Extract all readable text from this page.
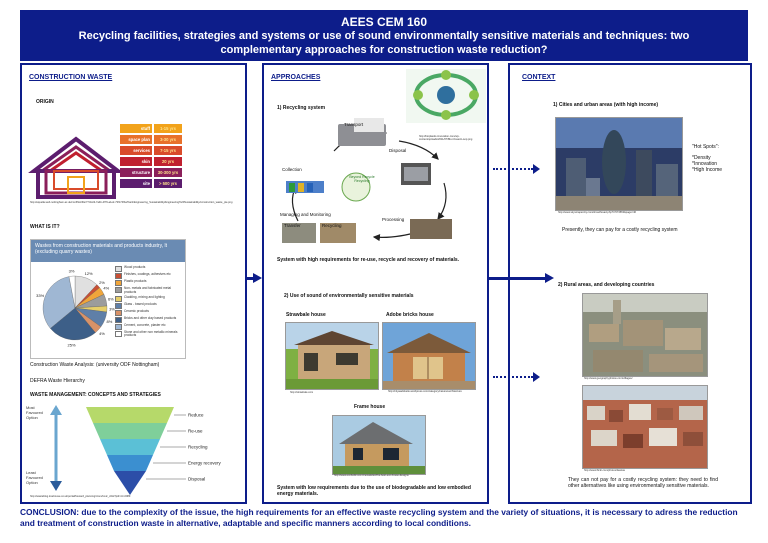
AEES CEM 160
Recycling facilities, strategies and systems or use of sound environmentally sensitive materials and techniques: two complementary approaches for construction waste reduction?
CONSTRUCTION WASTE
ORIGIN
stuff	1-15 yrs
space plan	3-30 yrs
services	7-15 yrs
skin	20 yrs
structure	30-300 yrs
site	> 500 yrs
http://equella.web.nottingham.ac.uk/conf/hist/file/77/4c2d-7a4b-4f79-a1e2-73f174fba7ba/1/Engineering_Sustainability/Engineering%20Sustainability/construction_waste_pie.png
WHAT IS IT?
Wastes from construction materials and products industry, lt (excluding quarry wastes)
12%
2%
4%
6%
3%
8%
4%
25%
33%
3%
Wood products
Finishes, coatings, adhesives etc
Plastic products
Non- metals and fabricated metal products
Cladding, mixing and lighting
Glass - based products
Ceramic products
Bricks and other clay based products
Cement, concrete, plaster etc
Stone and other non metallic minerals products
Construction Waste Analysis: (university ODF Nottingham)
DEFRA Waste Hierarchy
WASTE MANAGEMENT: CONCEPTS AND STRATEGIES
Most Favoured Option
Least Favoured Option
Reduce
Re-use
Recycling
Energy recovery
Disposal
http://wasteblog.treehouse.co.uk/portal/forward_planning/rcom/toxic_ctlist?pid=ctr-0089
APPROACHES
1) Recycling system
Transport
Disposal
Processing
Recycling
Transfer
Managing and Monitoring
Collection
Beyond Recycle Recycling
http://bioplastic-innovation.com/wp-content/uploads/2011/07/Bio-Closed-Loop.png
System with high requirements for re-use, recycle and recovery of materials.
2) Use of sound of environmentally sensitive materials
Strawbale house
http://strawbale.com
Adobe bricks house
http://nityaadobeile.wordpress.com/category/natural-architecture
Frame house
http://www.ecobuild.com/cnewsletter/the-best-eco-house-designs
System with low requirements due to the use of biodegradable and low embodied energy materials.
CONTEXT
1) Cities and urban areas (with high income)
http://www.skyscrapercity.com/showthread.php?t=574563&page=46
"Hot Spots":
*Density
*Innovation
*High Income
Presently, they can pay for a costly recycling system
2) Rural areas, and developing countries
http://www.geographyphotos.com/villages/
http://www.flickr.com/photos/favelas
They can not pay for a costly recycling system: they need to find other alternatives like using environmentally sensitive materials.
CONCLUSION: due to the complexity of the issue, the high requirements for an effective waste recycling system and the variety of situations, it is necessary to adress the reduction and treatment of construction waste in alternative, adaptable and specific manners according to local conditions.
